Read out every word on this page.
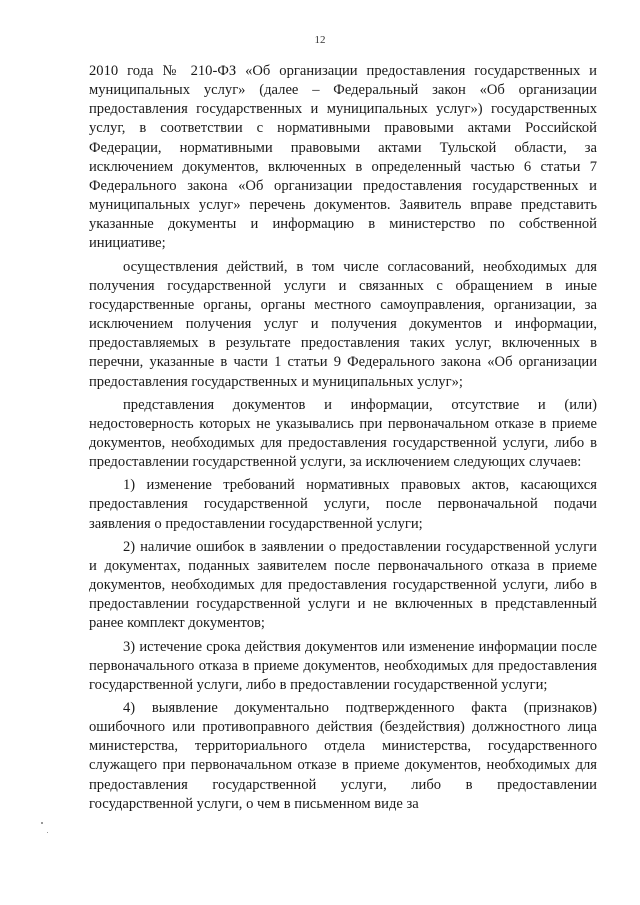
12

2010 года № 210-ФЗ «Об организации предоставления государственных и муниципальных услуг» (далее – Федеральный закон «Об организации предоставления государственных и муниципальных услуг») государственных услуг, в соответствии с нормативными правовыми актами Российской Федерации, нормативными правовыми актами Тульской области, за исключением документов, включенных в определенный частью 6 статьи 7 Федерального закона «Об организации предоставления государственных и муниципальных услуг» перечень документов. Заявитель вправе представить указанные документы и информацию в министерство по собственной инициативе;

осуществления действий, в том числе согласований, необходимых для получения государственной услуги и связанных с обращением в иные государственные органы, органы местного самоуправления, организации, за исключением получения услуг и получения документов и информации, предоставляемых в результате предоставления таких услуг, включенных в перечни, указанные в части 1 статьи 9 Федерального закона «Об организации предоставления государственных и муниципальных услуг»;

представления документов и информации, отсутствие и (или) недостоверность которых не указывались при первоначальном отказе в приеме документов, необходимых для предоставления государственной услуги, либо в предоставлении государственной услуги, за исключением следующих случаев:

1) изменение требований нормативных правовых актов, касающихся предоставления государственной услуги, после первоначальной подачи заявления о предоставлении государственной услуги;

2) наличие ошибок в заявлении о предоставлении государственной услуги и документах, поданных заявителем после первоначального отказа в приеме документов, необходимых для предоставления государственной услуги, либо в предоставлении государственной услуги и не включенных в представленный ранее комплект документов;

3) истечение срока действия документов или изменение информации после первоначального отказа в приеме документов, необходимых для предоставления государственной услуги, либо в предоставлении государственной услуги;

4) выявление документально подтвержденного факта (признаков) ошибочного или противоправного действия (бездействия) должностного лица министерства, территориального отдела министерства, государственного служащего при первоначальном отказе в приеме документов, необходимых для предоставления государственной услуги, либо в предоставлении государственной услуги, о чем в письменном виде за
